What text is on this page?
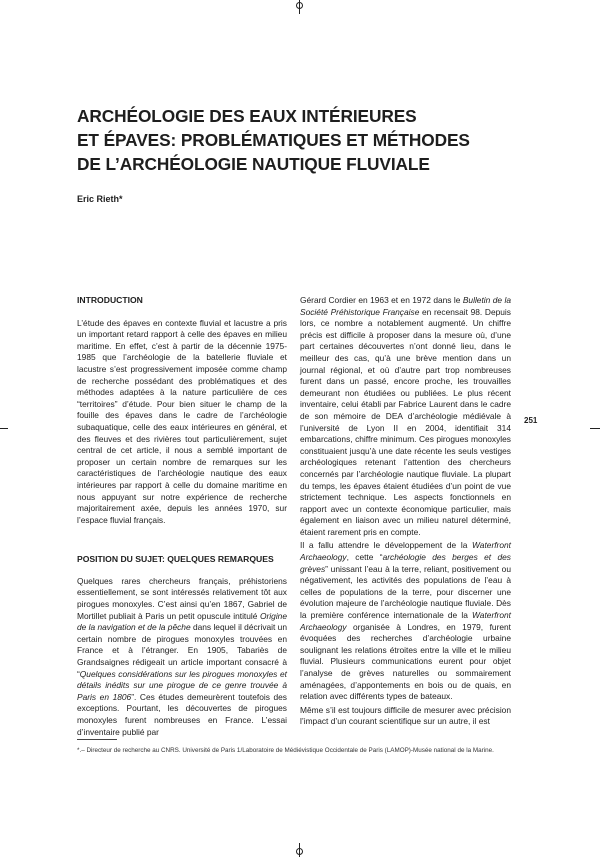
ARCHÉOLOGIE DES EAUX INTÉRIEURES
ET ÉPAVES: PROBLÉMATIQUES ET MÉTHODES
DE L’ARCHÉOLOGIE NAUTIQUE FLUVIALE

Eric Rieth*

INTRODUCTION

L’étude des épaves en contexte fluvial et lacustre a pris un important retard rapport à celle des épaves en milieu maritime. En effet, c’est à partir de la décennie 1975-1985 que l’archéologie de la batellerie fluviale et lacustre s’est progressivement imposée comme champ de recherche possédant des problématiques et des méthodes adaptées à la nature particulière de ces “territoires” d’étude. Pour bien situer le champ de la fouille des épaves dans le cadre de l’archéologie subaquatique, celle des eaux intérieures en général, et des fleuves et des rivières tout particulièrement, sujet central de cet article, il nous a semblé important de proposer un certain nombre de remarques sur les caractéristiques de l’archéologie nautique des eaux intérieures par rapport à celle du domaine maritime en nous appuyant sur notre expérience de recherche majoritairement axée, depuis les années 1970, sur l’espace fluvial français.

POSITION DU SUJET: QUELQUES REMARQUES

Quelques rares chercheurs français, préhistoriens essentiellement, se sont intéressés relativement tôt aux pirogues monoxyles. C’est ainsi qu’en 1867, Gabriel de Mortillet publiait à Paris un petit opuscule intitulé Origine de la navigation et de la pêche dans lequel il décrivait un certain nombre de pirogues monoxyles trouvées en France et à l’étranger. En 1905, Tabariès de Grandsaignes rédigeait un article important consacré à “Quelques considérations sur les pirogues monoxyles et détails inédits sur une pirogue de ce genre trouvée à Paris en 1806”. Ces études demeurèrent toutefois des exceptions. Pourtant, les découvertes de pirogues monoxyles furent nombreuses en France. L’essai d’inventaire publié par

Gérard Cordier en 1963 et en 1972 dans le Bulletin de la Société Préhistorique Française en recensait 98. Depuis lors, ce nombre a notablement augmenté. Un chiffre précis est difficile à proposer dans la mesure où, d’une part certaines découvertes n’ont donné lieu, dans le meilleur des cas, qu’à une brève mention dans un journal régional, et où d’autre part trop nombreuses furent dans un passé, encore proche, les trouvailles demeurant non étudiées ou publiées. Le plus récent inventaire, celui établi par Fabrice Laurent dans le cadre de son mémoire de DEA d’archéologie médiévale à l’université de Lyon II en 2004, identifiait 314 embarcations, chiffre minimum. Ces pirogues monoxyles constituaient jusqu’à une date récente les seuls vestiges archéologiques retenant l’attention des chercheurs concernés par l’archéologie nautique fluviale. La plupart du temps, les épaves étaient étudiées d’un point de vue strictement technique. Les aspects fonctionnels en rapport avec un contexte économique particulier, mais également en liaison avec un milieu naturel déterminé, étaient rarement pris en compte.

Il a fallu attendre le développement de la Waterfront Archaeology, cette “archéologie des berges et des grèves” unissant l’eau à la terre, reliant, positivement ou négativement, les activités des populations de l’eau à celles de populations de la terre, pour discerner une évolution majeure de l’archéologie nautique fluviale. Dès la première conférence internationale de la Waterfront Archaeology organisée à Londres, en 1979, furent évoquées des recherches d’archéologie urbaine soulignant les relations étroites entre la ville et le milieu fluvial. Plusieurs communications eurent pour objet l’analyse de grèves naturelles ou sommairement aménagées, d’appontements en bois ou de quais, en relation avec différents types de bateaux.

Même s’il est toujours difficile de mesurer avec précision l’impact d’un courant scientifique sur un autre, il est

251

*.– Directeur de recherche au CNRS. Université de Paris 1/Laboratoire de Médiévistique Occidentale de Paris (LAMOP)-Musée national de la Marine.
